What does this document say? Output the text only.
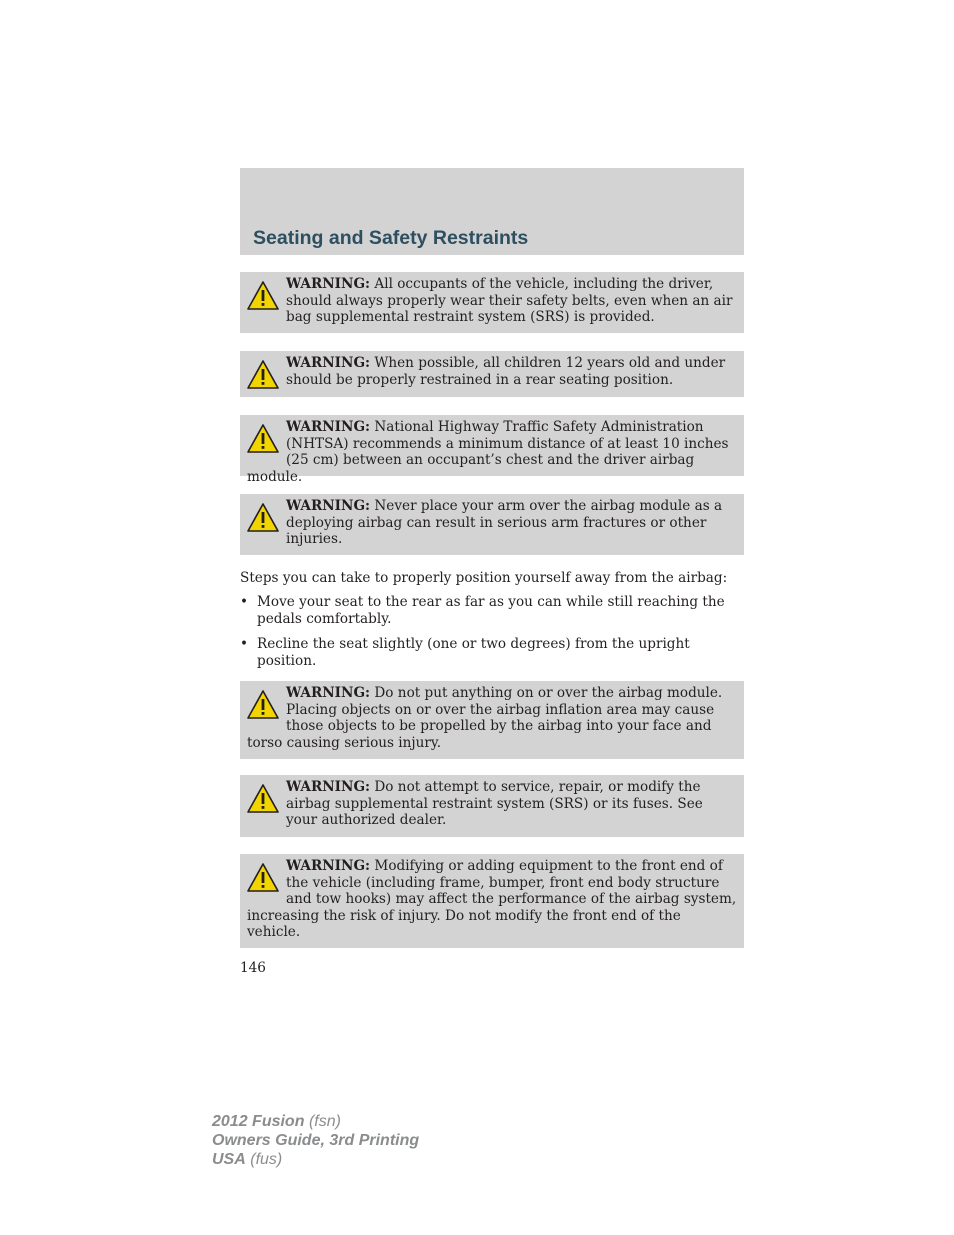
Seating and Safety Restraints
WARNING: All occupants of the vehicle, including the driver, should always properly wear their safety belts, even when an air bag supplemental restraint system (SRS) is provided.
WARNING: When possible, all children 12 years old and under should be properly restrained in a rear seating position.
WARNING: National Highway Traffic Safety Administration (NHTSA) recommends a minimum distance of at least 10 inches (25 cm) between an occupant’s chest and the driver airbag module.
WARNING: Never place your arm over the airbag module as a deploying airbag can result in serious arm fractures or other injuries.

Steps you can take to properly position yourself away from the airbag:

• Move your seat to the rear as far as you can while still reaching the pedals comfortably.
• Recline the seat slightly (one or two degrees) from the upright position.
WARNING: Do not put anything on or over the airbag module. Placing objects on or over the airbag inflation area may cause those objects to be propelled by the airbag into your face and torso causing serious injury.
WARNING: Do not attempt to service, repair, or modify the airbag supplemental restraint system (SRS) or its fuses. See your authorized dealer.
WARNING: Modifying or adding equipment to the front end of the vehicle (including frame, bumper, front end body structure and tow hooks) may affect the performance of the airbag system, increasing the risk of injury. Do not modify the front end of the vehicle.
146
2012 Fusion (fsn)
Owners Guide, 3rd Printing
USA (fus)
